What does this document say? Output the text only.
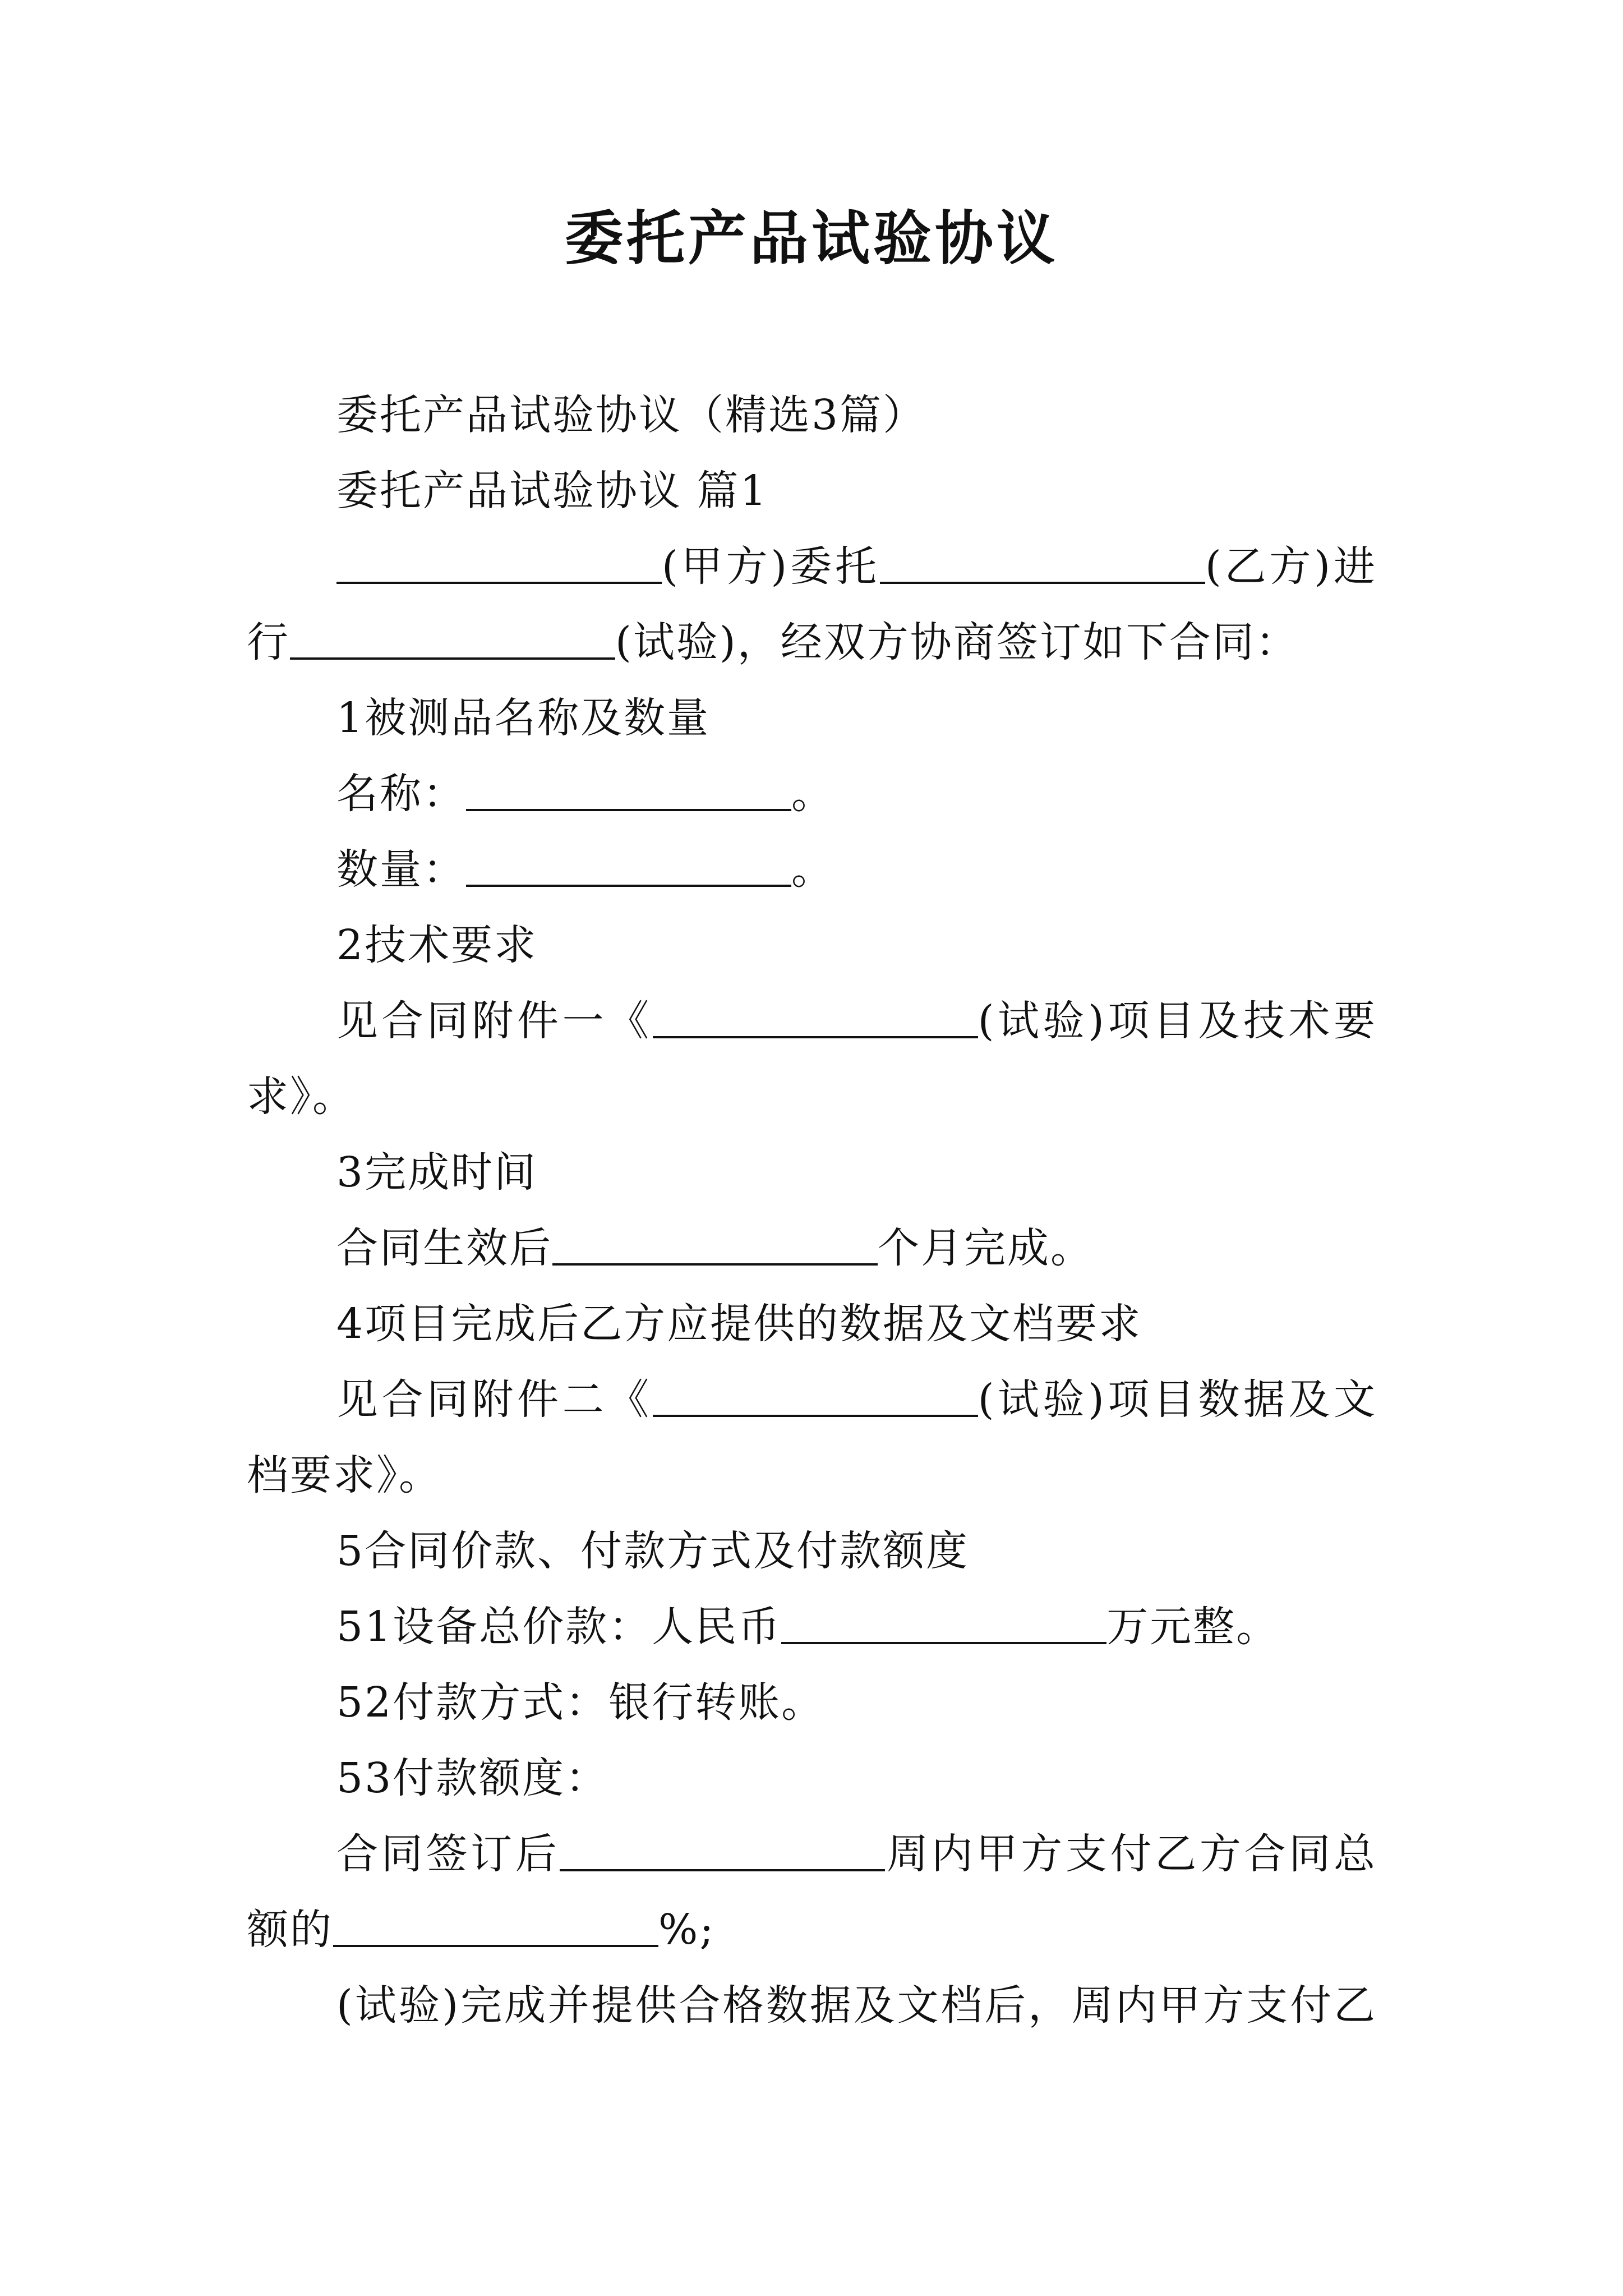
委托产品试验协议
委托产品试验协议（精选3篇）
委托产品试验协议 篇1
(甲方)委托	(乙方)进
行	(试验)，经双方协商签订如下合同：
1被测品名称及数量
名称：	。
数量：	。
2技术要求
见合同附件一《	(试验)项目及技术要
求》。
3完成时间
合同生效后	个月完成。
4项目完成后乙方应提供的数据及文档要求
见合同附件二《	(试验)项目数据及文
档要求》。
5合同价款、付款方式及付款额度
51设备总价款：人民币	万元整。
52付款方式：银行转账。
53付款额度：
合同签订后	周内甲方支付乙方合同总
额的	%;
(试验)完成并提供合格数据及文档后，周内甲方支付乙
